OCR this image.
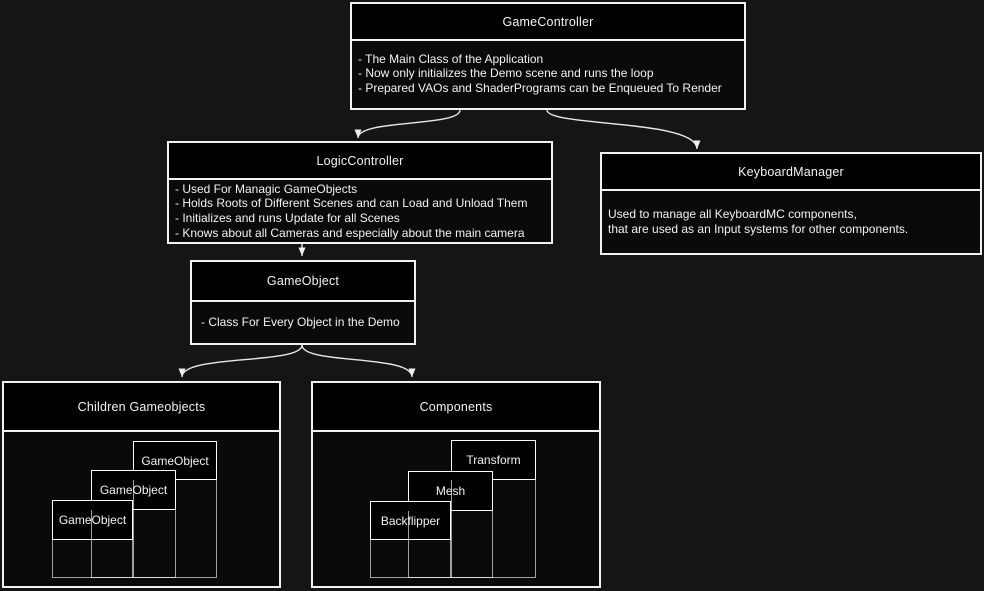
GameController
- The Main Class of the Application
- Now only initializes the Demo scene and runs the loop
- Prepared VAOs and ShaderPrograms can be Enqueued To Render
LogicController
- Used For Managic GameObjects
- Holds Roots of Different Scenes and can Load and Unload Them
- Initializes and runs Update for all Scenes
- Knows about all Cameras and especially about the main camera
KeyboardManager
Used to manage all KeyboardMC components,
that are used as an Input systems for other components.
GameObject
- Class For Every Object in the Demo
Children Gameobjects	Components
GameObject
GameObject
GameObject
Transform
Mesh
Backflipper
